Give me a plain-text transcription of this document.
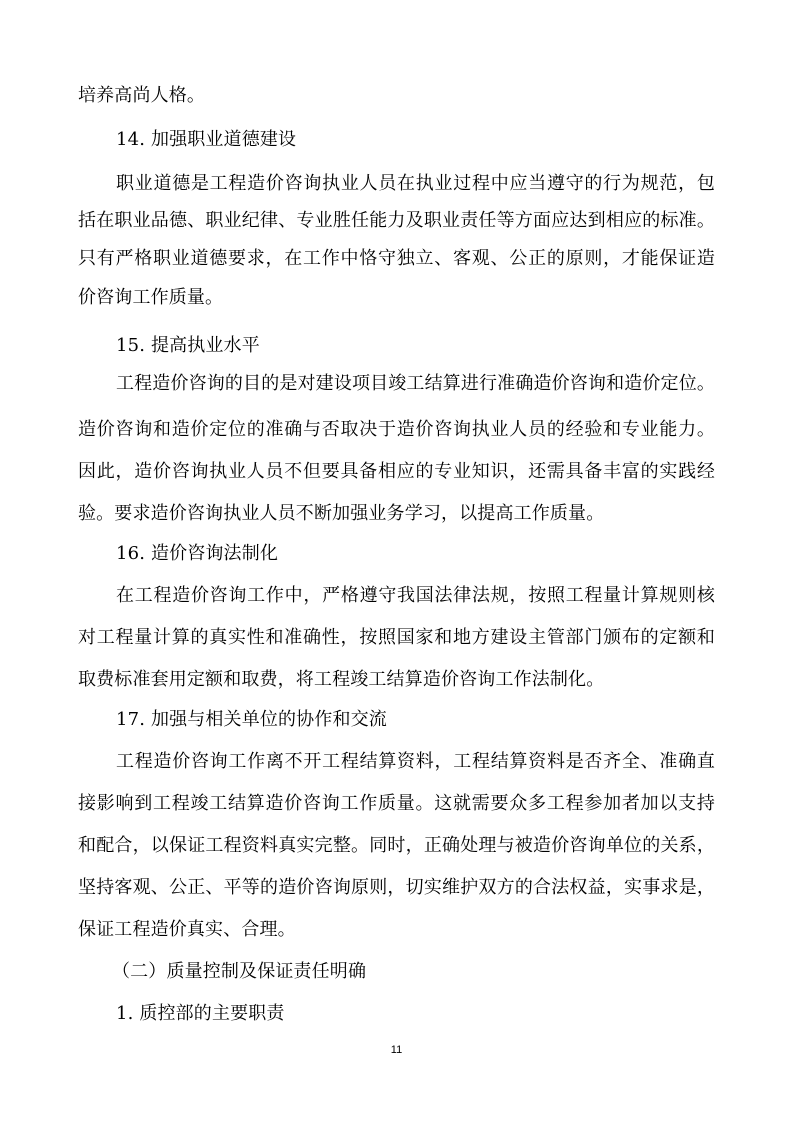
培养高尚人格。
14. 加强职业道德建设
职业道德是工程造价咨询执业人员在执业过程中应当遵守的行为规范，包
括在职业品德、职业纪律、专业胜任能力及职业责任等方面应达到相应的标准。
只有严格职业道德要求，在工作中恪守独立、客观、公正的原则，才能保证造
价咨询工作质量。
15. 提高执业水平
工程造价咨询的目的是对建设项目竣工结算进行准确造价咨询和造价定位。
造价咨询和造价定位的准确与否取决于造价咨询执业人员的经验和专业能力。
因此，造价咨询执业人员不但要具备相应的专业知识，还需具备丰富的实践经
验。要求造价咨询执业人员不断加强业务学习，以提高工作质量。
16. 造价咨询法制化
在工程造价咨询工作中，严格遵守我国法律法规，按照工程量计算规则核
对工程量计算的真实性和准确性，按照国家和地方建设主管部门颁布的定额和
取费标准套用定额和取费，将工程竣工结算造价咨询工作法制化。
17. 加强与相关单位的协作和交流
工程造价咨询工作离不开工程结算资料，工程结算资料是否齐全、准确直
接影响到工程竣工结算造价咨询工作质量。这就需要众多工程参加者加以支持
和配合，以保证工程资料真实完整。同时，正确处理与被造价咨询单位的关系，
坚持客观、公正、平等的造价咨询原则，切实维护双方的合法权益，实事求是，
保证工程造价真实、合理。
（二）质量控制及保证责任明确
1. 质控部的主要职责
11
